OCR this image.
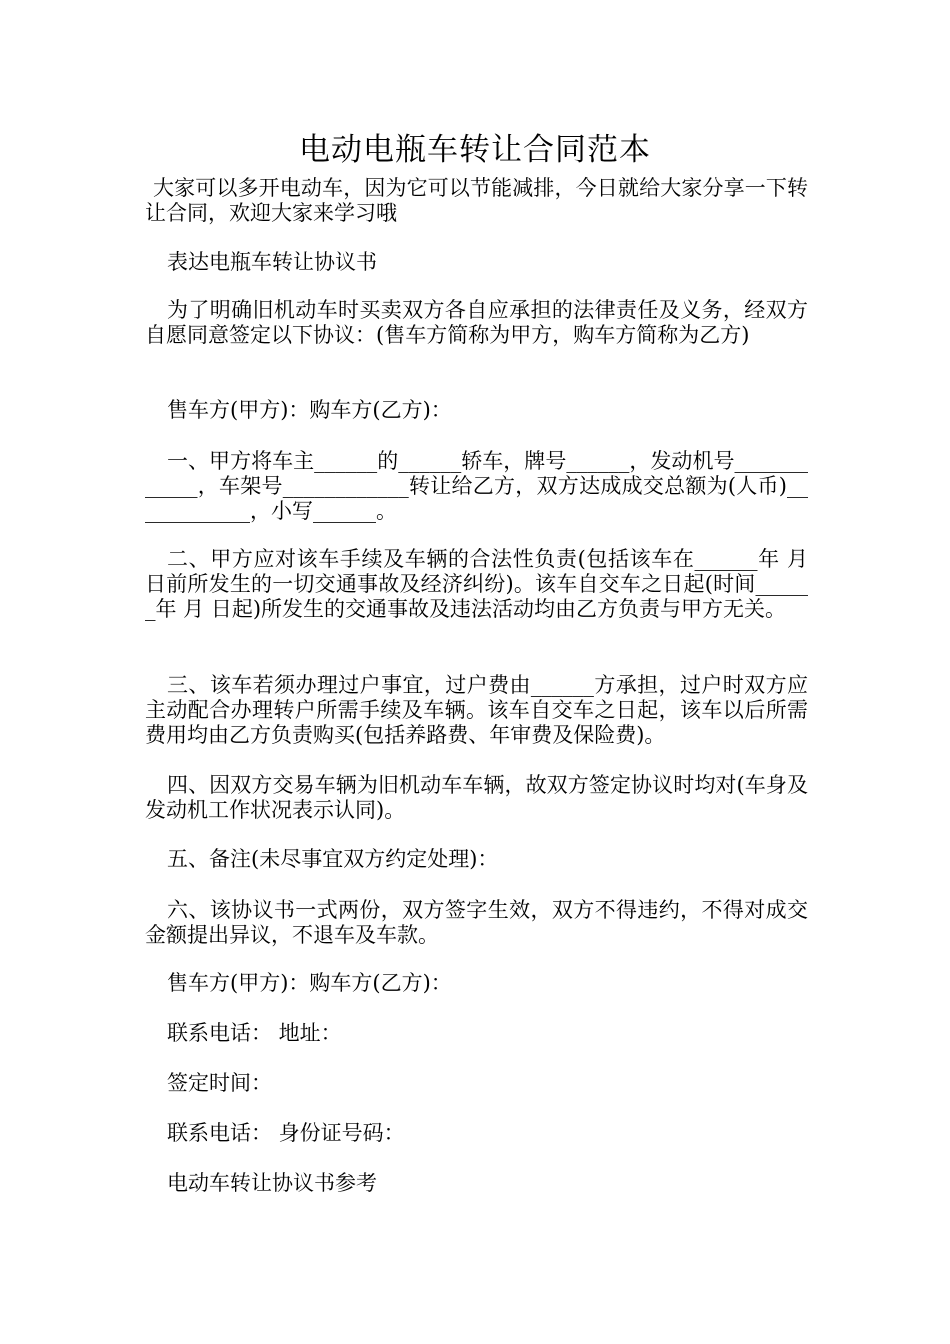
电动电瓶车转让合同范本

大家可以多开电动车，因为它可以节能减排，今日就给大家分享一下转让合同，欢迎大家来学习哦

表达电瓶车转让协议书

为了明确旧机动车时买卖双方各自应承担的法律责任及义务，经双方自愿同意签定以下协议：(售车方简称为甲方，购车方简称为乙方)

售车方(甲方)：购车方(乙方)：

一、甲方将车主______的______轿车，牌号______，发动机号____________，车架号____________转让给乙方，双方达成成交总额为(人币)____________，小写______。

二、甲方应对该车手续及车辆的合法性负责(包括该车在______年 月 日前所发生的一切交通事故及经济纠纷)。该车自交车之日起(时间______年 月 日起)所发生的交通事故及违法活动均由乙方负责与甲方无关。

三、该车若须办理过户事宜，过户费由______方承担，过户时双方应主动配合办理转户所需手续及车辆。该车自交车之日起，该车以后所需费用均由乙方负责购买(包括养路费、年审费及保险费)。

四、因双方交易车辆为旧机动车车辆，故双方签定协议时均对(车身及发动机工作状况表示认同)。

五、备注(未尽事宜双方约定处理)：

六、该协议书一式两份，双方签字生效，双方不得违约，不得对成交金额提出异议，不退车及车款。

售车方(甲方)：购车方(乙方)：

联系电话： 地址：

签定时间：

联系电话： 身份证号码：

电动车转让协议书参考
